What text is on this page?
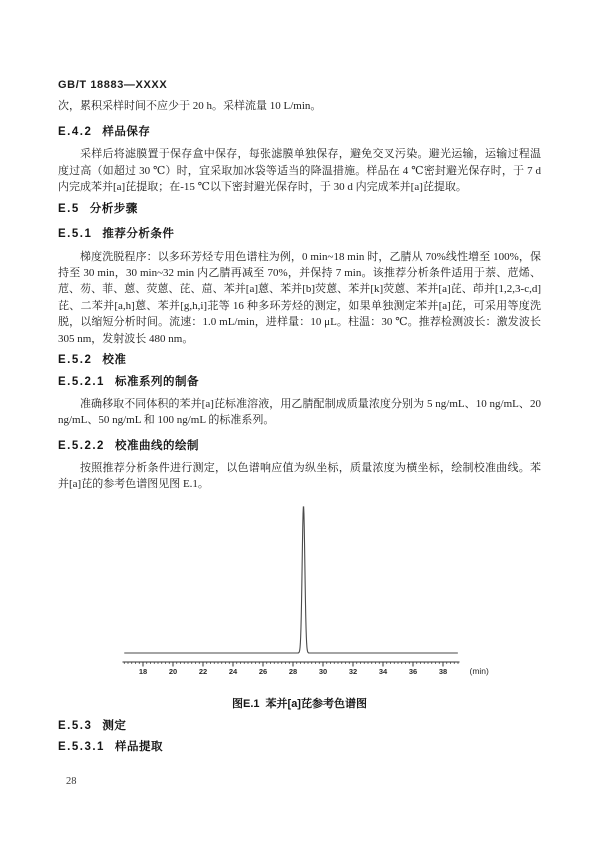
GB/T 18883—XXXX

次，累积采样时间不应少于 20 h。采样流量 10 L/min。

E.4.2 样品保存

采样后将滤膜置于保存盒中保存，每张滤膜单独保存，避免交叉污染。避光运输，运输过程温度过高（如超过 30 ℃）时，宜采取加冰袋等适当的降温措施。样品在 4 ℃密封避光保存时，于 7 d 内完成苯并[a]芘提取；在-15 ℃以下密封避光保存时，于 30 d 内完成苯并[a]芘提取。

E.5 分析步骤
E.5.1 推荐分析条件

梯度洗脱程序：以多环芳烃专用色谱柱为例，0 min~18 min 时，乙腈从 70%线性增至 100%，保持至 30 min，30 min~32 min 内乙腈再减至 70%，并保持 7 min。该推荐分析条件适用于萘、苊烯、苊、芴、菲、蒽、荧蒽、芘、䓛、苯并[a]蒽、苯并[b]荧蒽、苯并[k]荧蒽、苯并[a]芘、茚并[1,2,3-c,d]芘、二苯并[a,h]蒽、苯并[g,h,i]苝等 16 种多环芳烃的测定，如果单独测定苯并[a]芘，可采用等度洗脱，以缩短分析时间。流速：1.0 mL/min，进样量：10 μL。柱温：30 ℃。推荐检测波长：激发波长 305 nm，发射波长 480 nm。

E.5.2 校准
E.5.2.1 标准系列的制备

准确移取不同体积的苯并[a]芘标准溶液，用乙腈配制成质量浓度分别为 5 ng/mL、10 ng/mL、20 ng/mL、50 ng/mL 和 100 ng/mL 的标准系列。

E.5.2.2 校准曲线的绘制

按照推荐分析条件进行测定，以色谱响应值为纵坐标，质量浓度为横坐标，绘制校准曲线。苯并[a]芘的参考色谱图见图 E.1。

18	20	22	24	26	28	30	32	34	36	38	(min)
图E.1 苯并[a]芘参考色谱图
E.5.3 测定
E.5.3.1 样品提取
28
